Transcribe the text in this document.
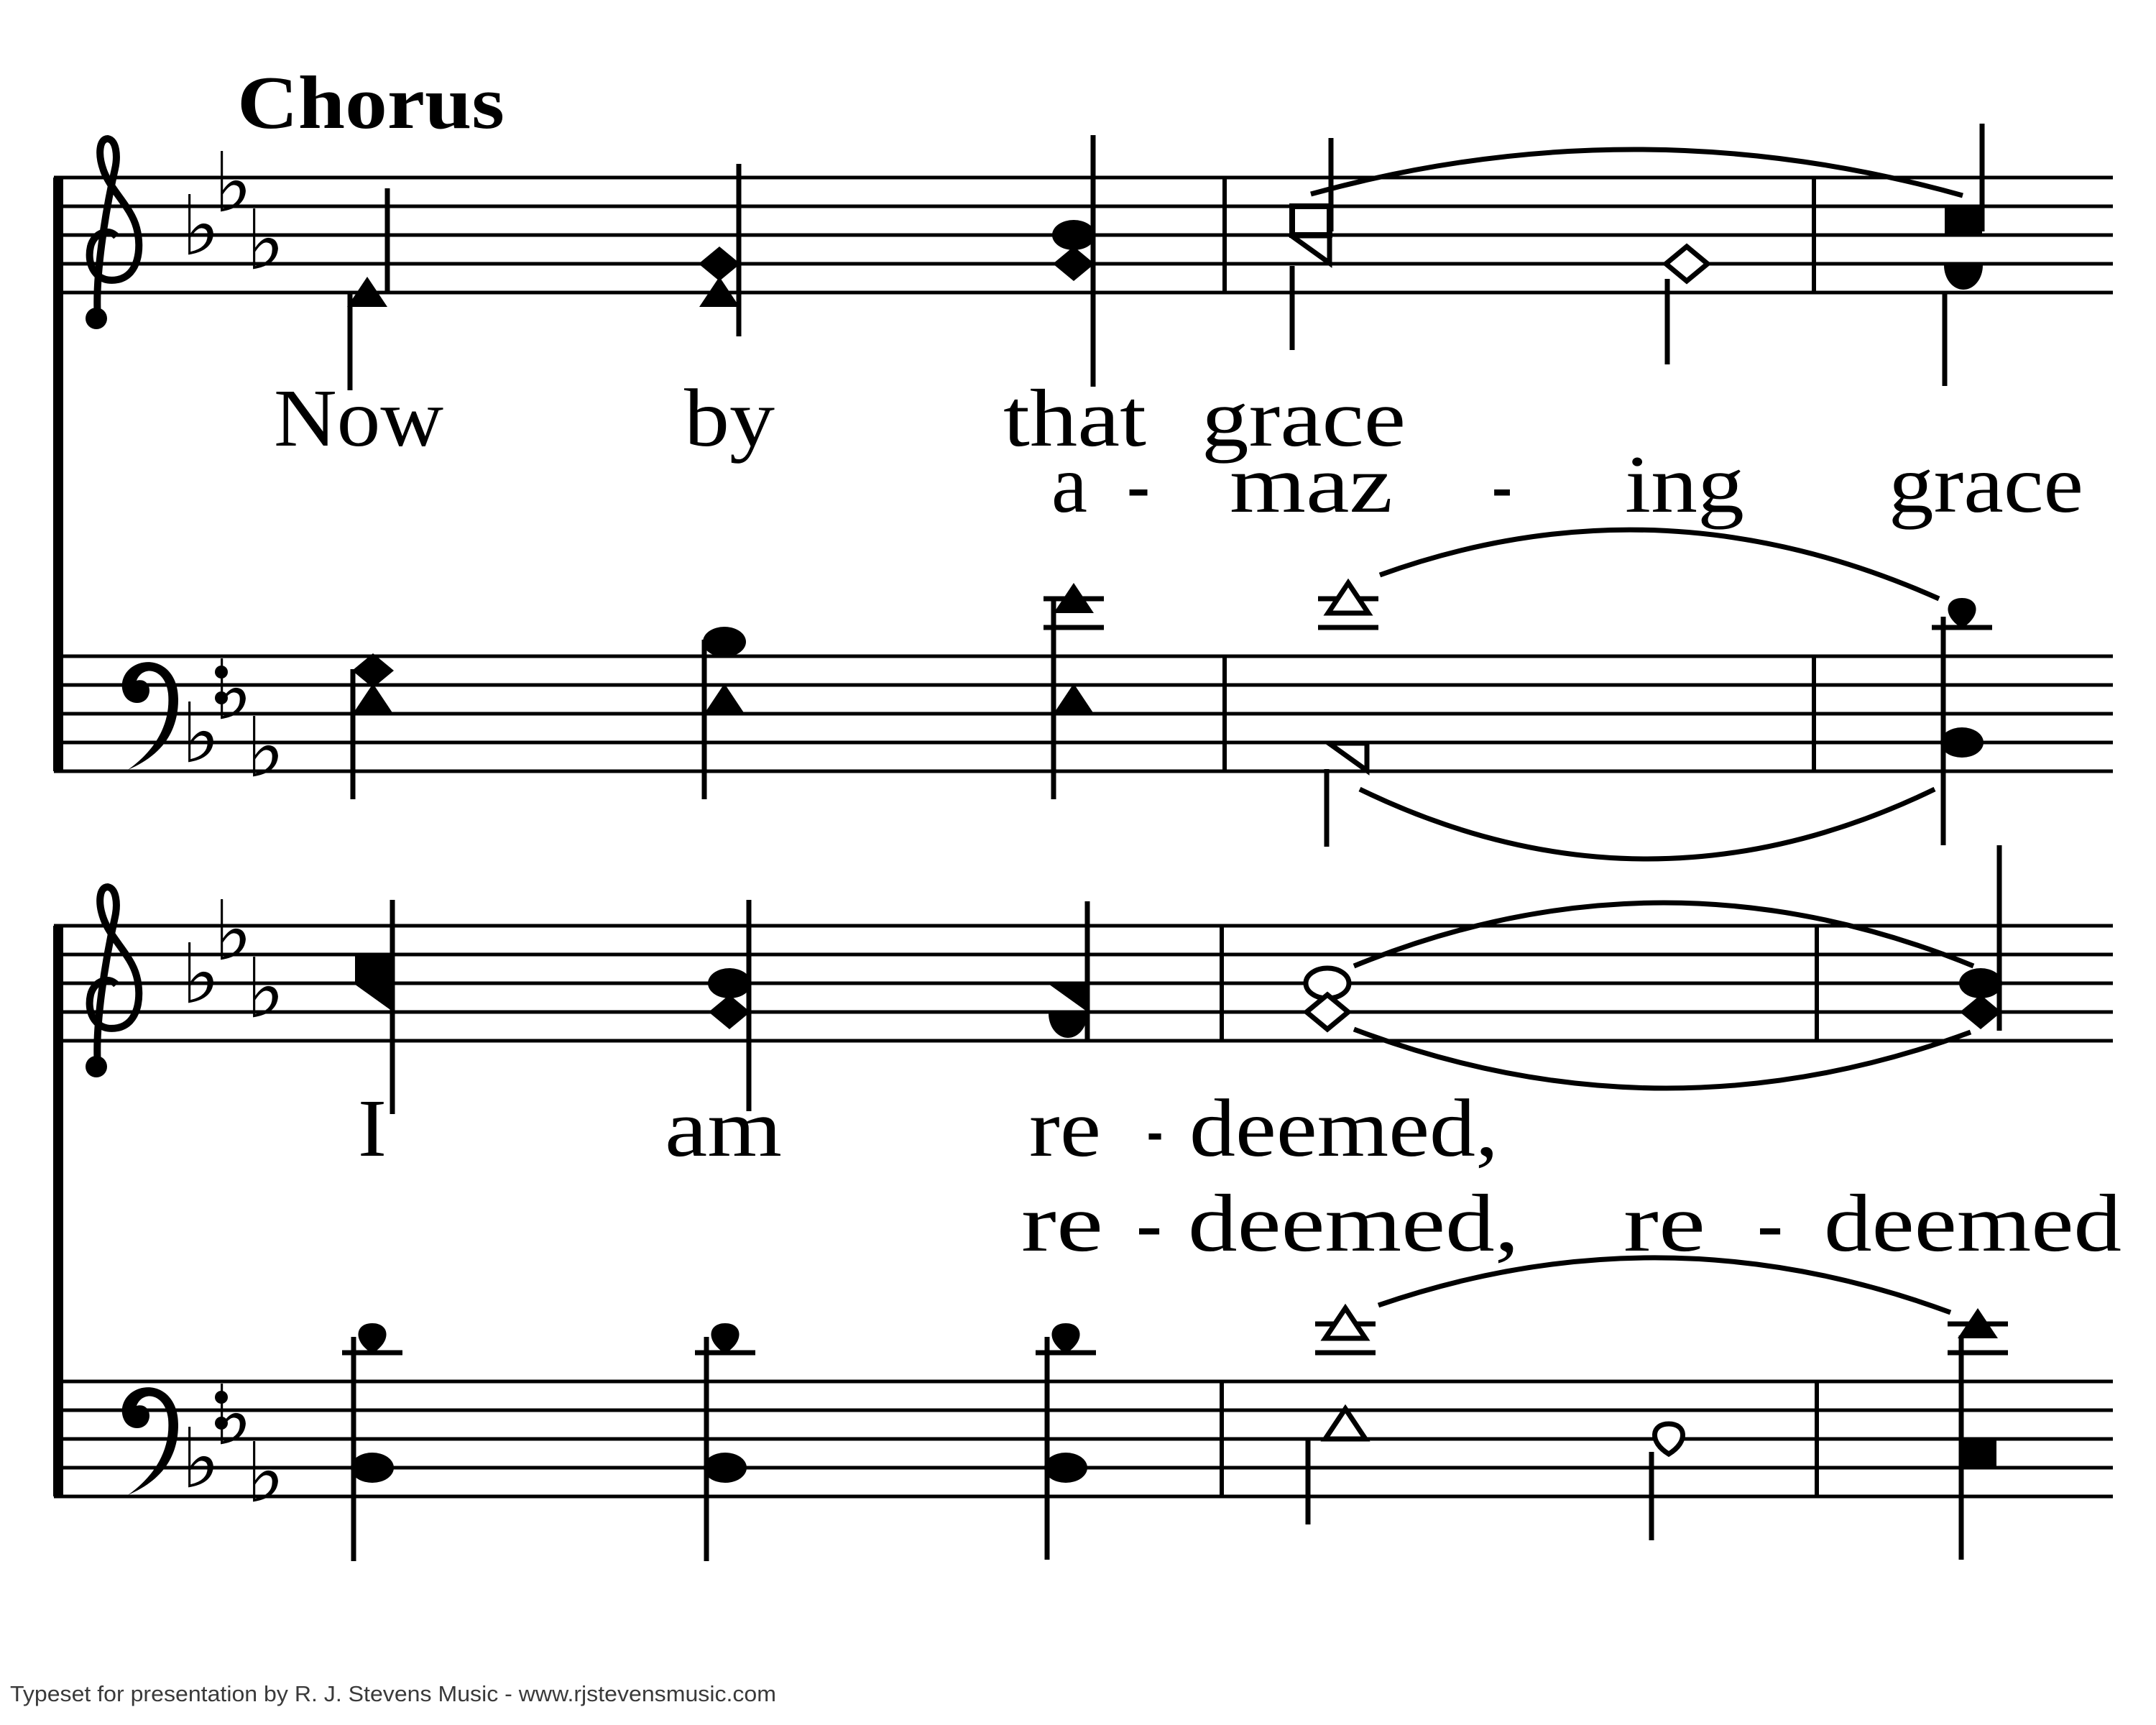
Chorus
♭
♭
♭
♭
♭
♭
Now	by	that grace
a - maz - ing grace
♭
♭
♭
♭
♭
♭
I	am	re - deemed,
re - deemed, re - deemed
Typeset for presentation by R. J. Stevens Music - www.rjstevensmusic.com
